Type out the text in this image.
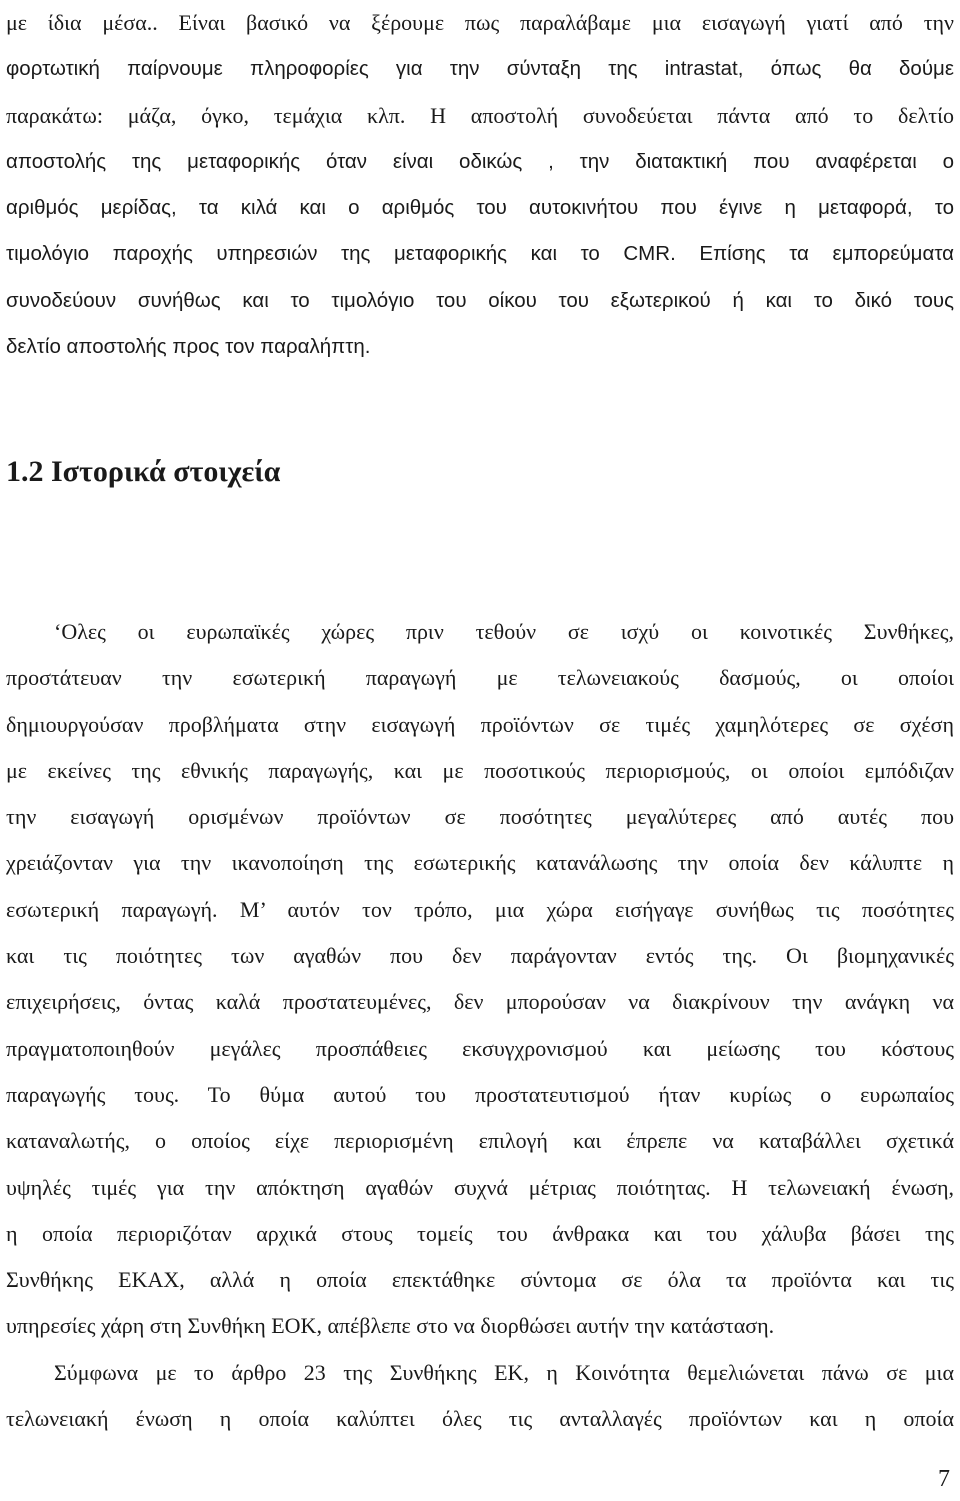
με ίδια μέσα.. Είναι βασικό να ξέρουμε πως παραλάβαμε μια εισαγωγή γιατί από την
φορτωτική παίρνουμε πληροφορίες για την σύνταξη της intrastat, όπως θα δούμε
παρακάτω: μάζα, όγκο, τεμάχια κλπ. Η αποστολή συνοδεύεται πάντα από το δελτίο
αποστολής της μεταφορικής όταν είναι οδικώς , την διατακτική που αναφέρεται ο
αριθμός μερίδας, τα κιλά και ο αριθμός του αυτοκινήτου που έγινε η μεταφορά, το
τιμολόγιο παροχής υπηρεσιών της μεταφορικής και το CMR. Επίσης τα εμπορεύματα
συνοδεύουν συνήθως και το τιμολόγιο του οίκου του εξωτερικού ή και το δικό τους
δελτίο αποστολής προς τον παραλήπτη.
1.2 Ιστορικά στοιχεία
‘Ολες οι ευρωπαϊκές χώρες πριν τεθούν σε ισχύ οι κοινοτικές Συνθήκες,
προστάτευαν την εσωτερική παραγωγή με τελωνειακούς δασμούς, οι οποίοι
δημιουργούσαν προβλήματα στην εισαγωγή προϊόντων σε τιμές χαμηλότερες σε σχέση
με εκείνες της εθνικής παραγωγής, και με ποσοτικούς περιορισμούς, οι οποίοι εμπόδιζαν
την εισαγωγή ορισμένων προϊόντων σε ποσότητες μεγαλύτερες από αυτές που
χρειάζονταν για την ικανοποίηση της εσωτερικής κατανάλωσης την οποία δεν κάλυπτε η
εσωτερική παραγωγή. Μ’ αυτόν τον τρόπο, μια χώρα εισήγαγε συνήθως τις ποσότητες
και τις ποιότητες των αγαθών που δεν παράγονταν εντός της. Οι βιομηχανικές
επιχειρήσεις, όντας καλά προστατευμένες, δεν μπορούσαν να διακρίνουν την ανάγκη να
πραγματοποιηθούν μεγάλες προσπάθειες εκσυγχρονισμού και μείωσης του κόστους
παραγωγής τους. Το θύμα αυτού του προστατευτισμού ήταν κυρίως ο ευρωπαίος
καταναλωτής, ο οποίος είχε περιορισμένη επιλογή και έπρεπε να καταβάλλει σχετικά
υψηλές τιμές για την απόκτηση αγαθών συχνά μέτριας ποιότητας. Η τελωνειακή ένωση,
η οποία περιοριζόταν αρχικά στους τομείς του άνθρακα και του χάλυβα βάσει της
Συνθήκης ΕΚΑΧ, αλλά η οποία επεκτάθηκε σύντομα σε όλα τα προϊόντα και τις
υπηρεσίες χάρη στη Συνθήκη ΕΟΚ, απέβλεπε στο να διορθώσει αυτήν την κατάσταση.
Σύμφωνα με το άρθρο 23 της Συνθήκης ΕΚ, η Κοινότητα θεμελιώνεται πάνω σε μια
τελωνειακή ένωση η οποία καλύπτει όλες τις ανταλλαγές προϊόντων και η οποία
7
